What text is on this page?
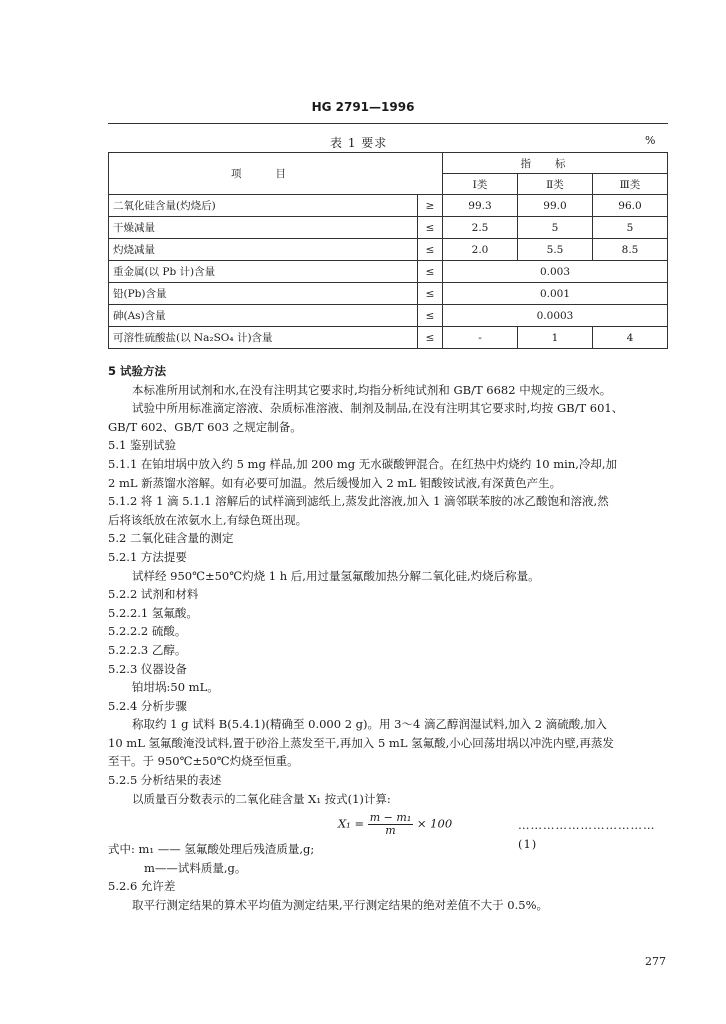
HG 2791—1996
表 1 要求	%
项目		指标		
		Ⅰ类	Ⅱ类	Ⅲ类
二氧化硅含量(灼烧后)	≥	99.3	99.0	96.0
干燥减量	≤	2.5	5	5
灼烧减量	≤	2.0	5.5	8.5
重金属(以 Pb 计)含量	≤	0.003		
铅(Pb)含量	≤	0.001		
砷(As)含量	≤	0.0003		
可溶性硫酸盐(以 Na₂SO₄ 计)含量	≤	-	1	4

5 试验方法

本标准所用试剂和水,在没有注明其它要求时,均指分析纯试剂和 GB/T 6682 中规定的三级水。

试验中所用标准滴定溶液、杂质标准溶液、制剂及制品,在没有注明其它要求时,均按 GB/T 601、

GB/T 602、GB/T 603 之规定制备。

5.1 鉴别试验

5.1.1 在铂坩埚中放入约 5 mg 样品,加 200 mg 无水碳酸钾混合。在红热中灼烧约 10 min,冷却,加

2 mL 新蒸馏水溶解。如有必要可加温。然后缓慢加入 2 mL 钼酸铵试液,有深黄色产生。

5.1.2 将 1 滴 5.1.1 溶解后的试样滴到滤纸上,蒸发此溶液,加入 1 滴邻联苯胺的冰乙酸饱和溶液,然

后将该纸放在浓氨水上,有绿色斑出现。

5.2 二氧化硅含量的测定

5.2.1 方法提要

试样经 950℃±50℃灼烧 1 h 后,用过量氢氟酸加热分解二氧化硅,灼烧后称量。

5.2.2 试剂和材料

5.2.2.1 氢氟酸。

5.2.2.2 硫酸。

5.2.2.3 乙醇。

5.2.3 仪器设备

铂坩埚:50 mL。

5.2.4 分析步骤

称取约 1 g 试料 B(5.4.1)(精确至 0.000 2 g)。用 3～4 滴乙醇润湿试料,加入 2 滴硫酸,加入

10 mL 氢氟酸淹没试料,置于砂浴上蒸发至干,再加入 5 mL 氢氟酸,小心回荡坩埚以冲洗内壁,再蒸发

至干。于 950℃±50℃灼烧至恒重。

5.2.5 分析结果的表述

以质量百分数表示的二氧化硅含量 X₁ 按式(1)计算:

$X_1 = \frac{\text{m − m₁}}{m} \times 100$	……………………………(1)

式中: m₁ —— 氢氟酸处理后残渣质量,g;

m——试料质量,g。

5.2.6 允许差

取平行测定结果的算术平均值为测定结果,平行测定结果的绝对差值不大于 0.5%。

277
